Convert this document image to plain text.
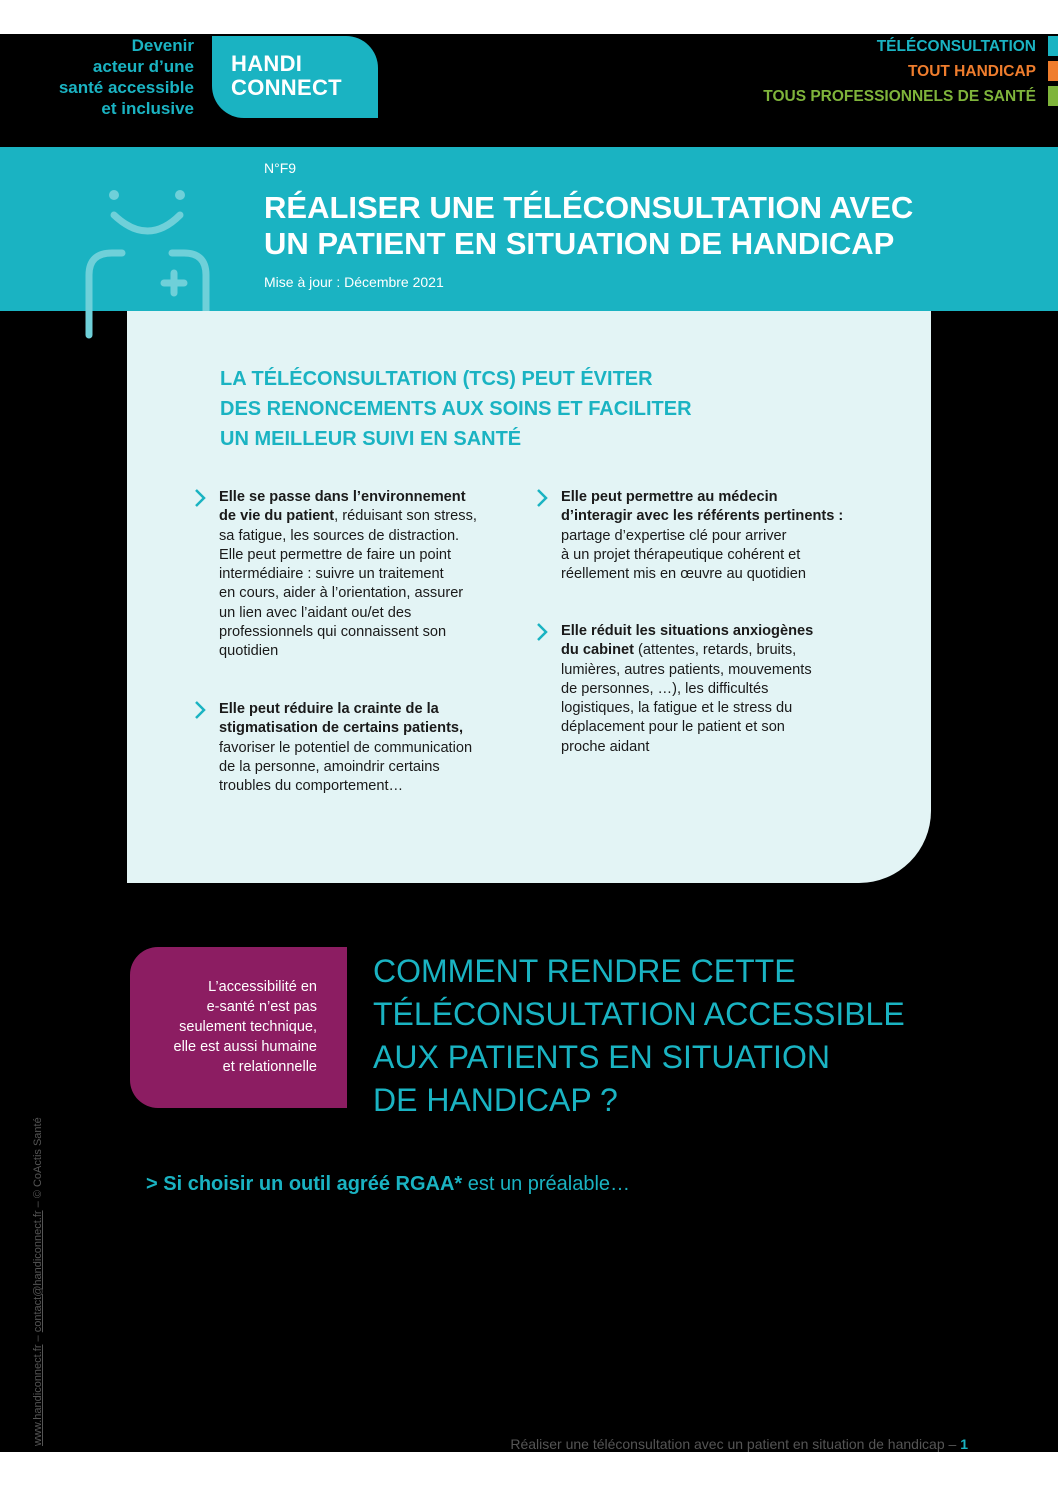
Devenir
acteur d’une
santé accessible
et inclusive
HANDI
CONNECT
TÉLÉCONSULTATION
TOUT HANDICAP
TOUS PROFESSIONNELS DE SANTÉ
N°F9
RÉALISER UNE TÉLÉCONSULTATION AVEC
UN PATIENT EN SITUATION DE HANDICAP
Mise à jour : Décembre 2021
LA TÉLÉCONSULTATION (TCS) PEUT ÉVITER
DES RENONCEMENTS AUX SOINS ET FACILITER
UN MEILLEUR SUIVI EN SANTÉ
Elle se passe dans l’environnement
de vie du patient, réduisant son stress,
sa fatigue, les sources de distraction.
Elle peut permettre de faire un point
intermédiaire : suivre un traitement
en cours, aider à l’orientation, assurer
un lien avec l’aidant ou/et des
professionnels qui connaissent son
quotidien
Elle peut réduire la crainte de la
stigmatisation de certains patients,
favoriser le potentiel de communication
de la personne, amoindrir certains
troubles du comportement…
Elle peut permettre au médecin
d’interagir avec les référents pertinents :
partage d’expertise clé pour arriver
à un projet thérapeutique cohérent et
réellement mis en œuvre au quotidien
Elle réduit les situations anxiogènes
du cabinet (attentes, retards, bruits,
lumières, autres patients, mouvements
de personnes, …), les difficultés
logistiques, la fatigue et le stress du
déplacement pour le patient et son
proche aidant
L’accessibilité en
e-santé n’est pas
seulement technique,
elle est aussi humaine
et relationnelle
COMMENT RENDRE CETTE
TÉLÉCONSULTATION ACCESSIBLE
AUX PATIENTS EN SITUATION
DE HANDICAP ?
> Si choisir un outil agréé RGAA* est un préalable…
www.handiconnect.fr – contact@handiconnect.fr – © CoActis Santé
Réaliser une téléconsultation avec un patient en situation de handicap – 1
